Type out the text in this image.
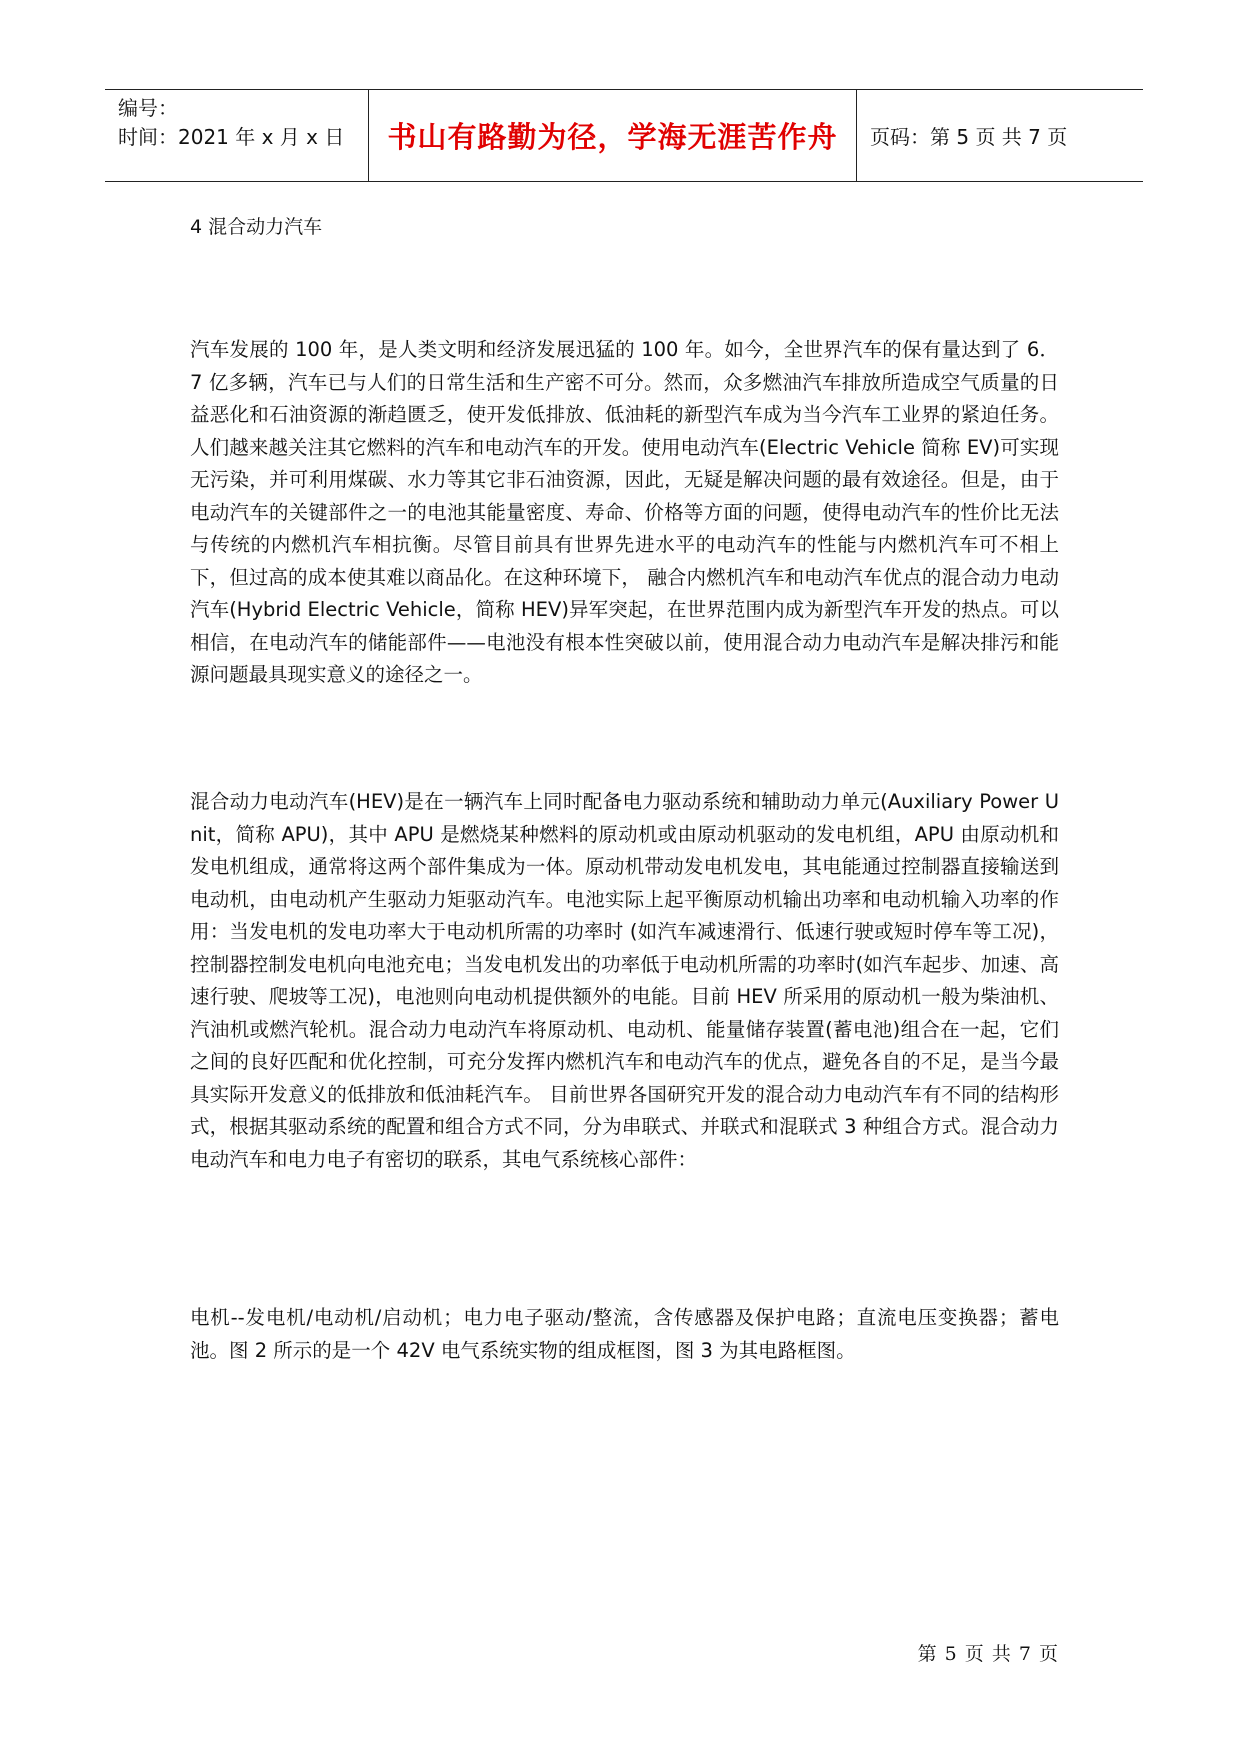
编号：
时间：2021 年 x 月 x 日	书山有路勤为径，学海无涯苦作舟 页码：第 5 页 共 7 页
4 混合动力汽车

汽车发展的 100 年，是人类文明和经济发展迅猛的 100 年。如今，全世界汽车的保有量达到了 6．7 亿多辆，汽车已与人们的日常生活和生产密不可分。然而，众多燃油汽车排放所造成空气质量的日益恶化和石油资源的渐趋匮乏，使开发低排放、低油耗的新型汽车成为当今汽车工业界的紧迫任务。人们越来越关注其它燃料的汽车和电动汽车的开发。使用电动汽车(Electric Vehicle 简称 EV)可实现无污染，并可利用煤碳、水力等其它非石油资源，因此，无疑是解决问题的最有效途径。但是，由于电动汽车的关键部件之一的电池其能量密度、寿命、价格等方面的问题，使得电动汽车的性价比无法与传统的内燃机汽车相抗衡。尽管目前具有世界先进水平的电动汽车的性能与内燃机汽车可不相上下，但过高的成本使其难以商品化。在这种环境下， 融合内燃机汽车和电动汽车优点的混合动力电动汽车(Hybrid Electric Vehicle，简称 HEV)异军突起，在世界范围内成为新型汽车开发的热点。可以相信，在电动汽车的储能部件——电池没有根本性突破以前，使用混合动力电动汽车是解决排污和能源问题最具现实意义的途径之一。

混合动力电动汽车(HEV)是在一辆汽车上同时配备电力驱动系统和辅助动力单元(Auxiliary Power Unit，简称 APU)，其中 APU 是燃烧某种燃料的原动机或由原动机驱动的发电机组，APU 由原动机和发电机组成，通常将这两个部件集成为一体。原动机带动发电机发电，其电能通过控制器直接输送到电动机，由电动机产生驱动力矩驱动汽车。电池实际上起平衡原动机输出功率和电动机输入功率的作用：当发电机的发电功率大于电动机所需的功率时 (如汽车减速滑行、低速行驶或短时停车等工况)，控制器控制发电机向电池充电；当发电机发出的功率低于电动机所需的功率时(如汽车起步、加速、高速行驶、爬坡等工况)，电池则向电动机提供额外的电能。目前 HEV 所采用的原动机一般为柴油机、汽油机或燃汽轮机。混合动力电动汽车将原动机、电动机、能量储存装置(蓄电池)组合在一起，它们之间的良好匹配和优化控制，可充分发挥内燃机汽车和电动汽车的优点，避免各自的不足，是当今最具实际开发意义的低排放和低油耗汽车。 目前世界各国研究开发的混合动力电动汽车有不同的结构形式，根据其驱动系统的配置和组合方式不同，分为串联式、并联式和混联式 3 种组合方式。混合动力电动汽车和电力电子有密切的联系，其电气系统核心部件：

电机--发电机/电动机/启动机；电力电子驱动/整流，含传感器及保护电路；直流电压变换器；蓄电池。图 2 所示的是一个 42V 电气系统实物的组成框图，图 3 为其电路框图。

第 5 页 共 7 页
